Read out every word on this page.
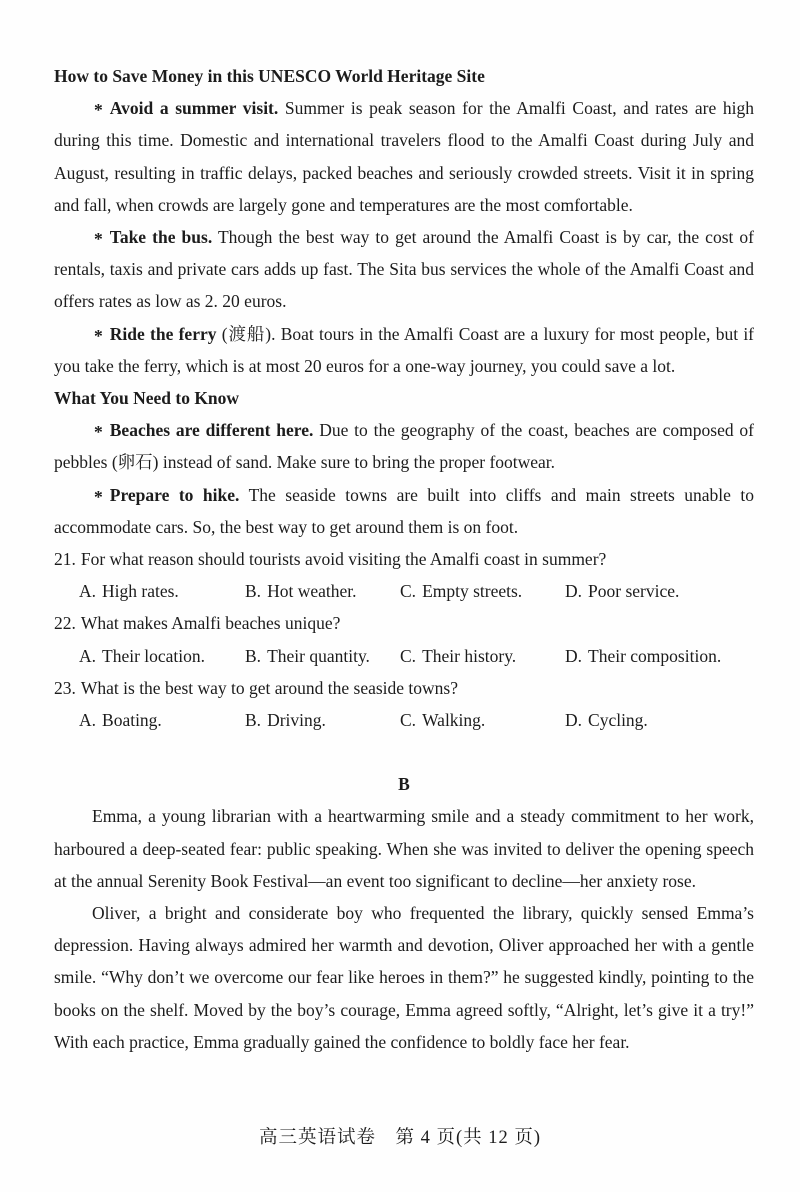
How to Save Money in this UNESCO World Heritage Site

* Avoid a summer visit. Summer is peak season for the Amalfi Coast, and rates are high during this time. Domestic and international travelers flood to the Amalfi Coast during July and August, resulting in traffic delays, packed beaches and seriously crowded streets. Visit it in spring and fall, when crowds are largely gone and temperatures are the most comfortable.

* Take the bus. Though the best way to get around the Amalfi Coast is by car, the cost of rentals, taxis and private cars adds up fast. The Sita bus services the whole of the Amalfi Coast and offers rates as low as 2. 20 euros.

* Ride the ferry (渡船). Boat tours in the Amalfi Coast are a luxury for most people, but if you take the ferry, which is at most 20 euros for a one-way journey, you could save a lot.

What You Need to Know

* Beaches are different here. Due to the geography of the coast, beaches are composed of pebbles (卵石) instead of sand. Make sure to bring the proper footwear.

* Prepare to hike. The seaside towns are built into cliffs and main streets unable to accommodate cars. So, the best way to get around them is on foot.

21. For what reason should tourists avoid visiting the Amalfi coast in summer?

A. High rates.	B. Hot weather.	C. Empty streets.	D. Poor service.

22. What makes Amalfi beaches unique?

A. Their location.	B. Their quantity.	C. Their history.	D. Their composition.

23. What is the best way to get around the seaside towns?

A. Boating.	B. Driving.	C. Walking.	D. Cycling.
B

Emma, a young librarian with a heartwarming smile and a steady commitment to her work, harboured a deep-seated fear: public speaking. When she was invited to deliver the opening speech at the annual Serenity Book Festival—an event too significant to decline—her anxiety rose.

Oliver, a bright and considerate boy who frequented the library, quickly sensed Emma’s depression. Having always admired her warmth and devotion, Oliver approached her with a gentle smile. “Why don’t we overcome our fear like heroes in them?” he suggested kindly, pointing to the books on the shelf. Moved by the boy’s courage, Emma agreed softly, “Alright, let’s give it a try!” With each practice, Emma gradually gained the confidence to boldly face her fear.

高三英语试卷　第 4 页(共 12 页)
